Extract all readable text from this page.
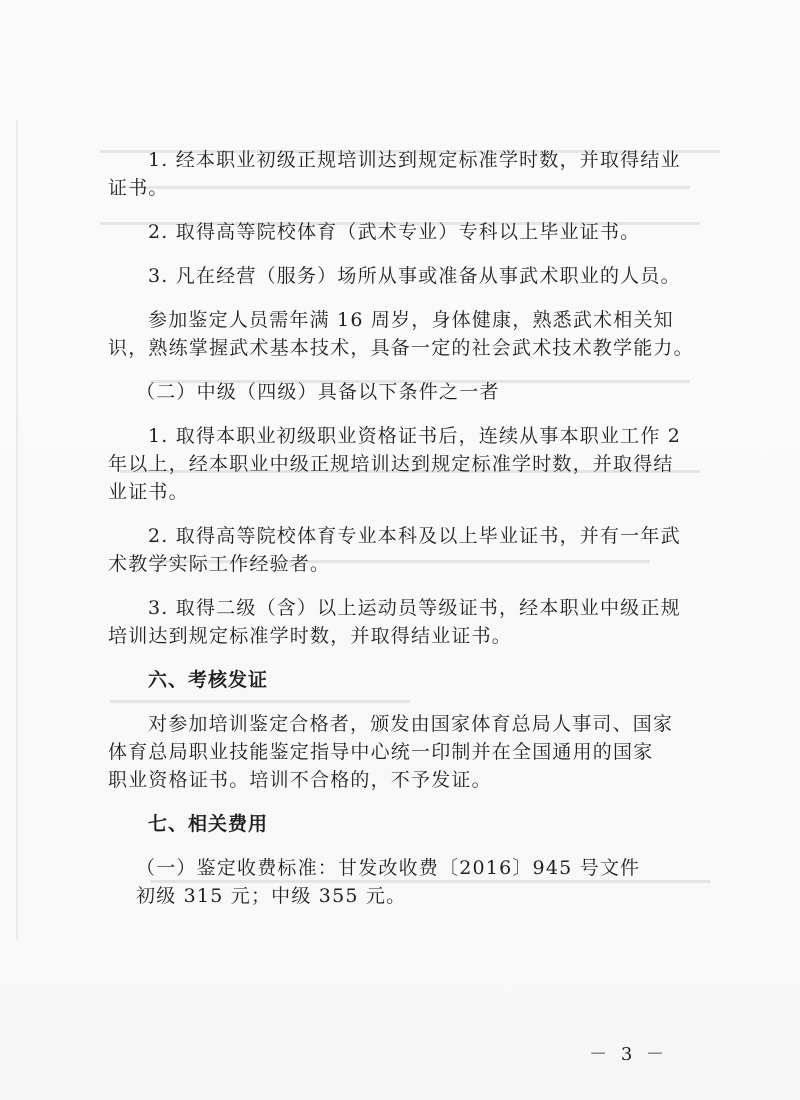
1. 经本职业初级正规培训达到规定标准学时数，并取得结业

证书。

2. 取得高等院校体育（武术专业）专科以上毕业证书。

3. 凡在经营（服务）场所从事或准备从事武术职业的人员。

参加鉴定人员需年满 16 周岁，身体健康，熟悉武术相关知

识，熟练掌握武术基本技术，具备一定的社会武术技术教学能力。

（二）中级（四级）具备以下条件之一者

1. 取得本职业初级职业资格证书后，连续从事本职业工作 2

年以上，经本职业中级正规培训达到规定标准学时数，并取得结

业证书。

2. 取得高等院校体育专业本科及以上毕业证书，并有一年武

术教学实际工作经验者。

3. 取得二级（含）以上运动员等级证书，经本职业中级正规

培训达到规定标准学时数，并取得结业证书。

六、考核发证

对参加培训鉴定合格者，颁发由国家体育总局人事司、国家

体育总局职业技能鉴定指导中心统一印制并在全国通用的国家

职业资格证书。培训不合格的，不予发证。

七、相关费用

（一）鉴定收费标准：甘发改收费〔2016〕945 号文件

初级 315 元；中级 355 元。

－ 3 －
